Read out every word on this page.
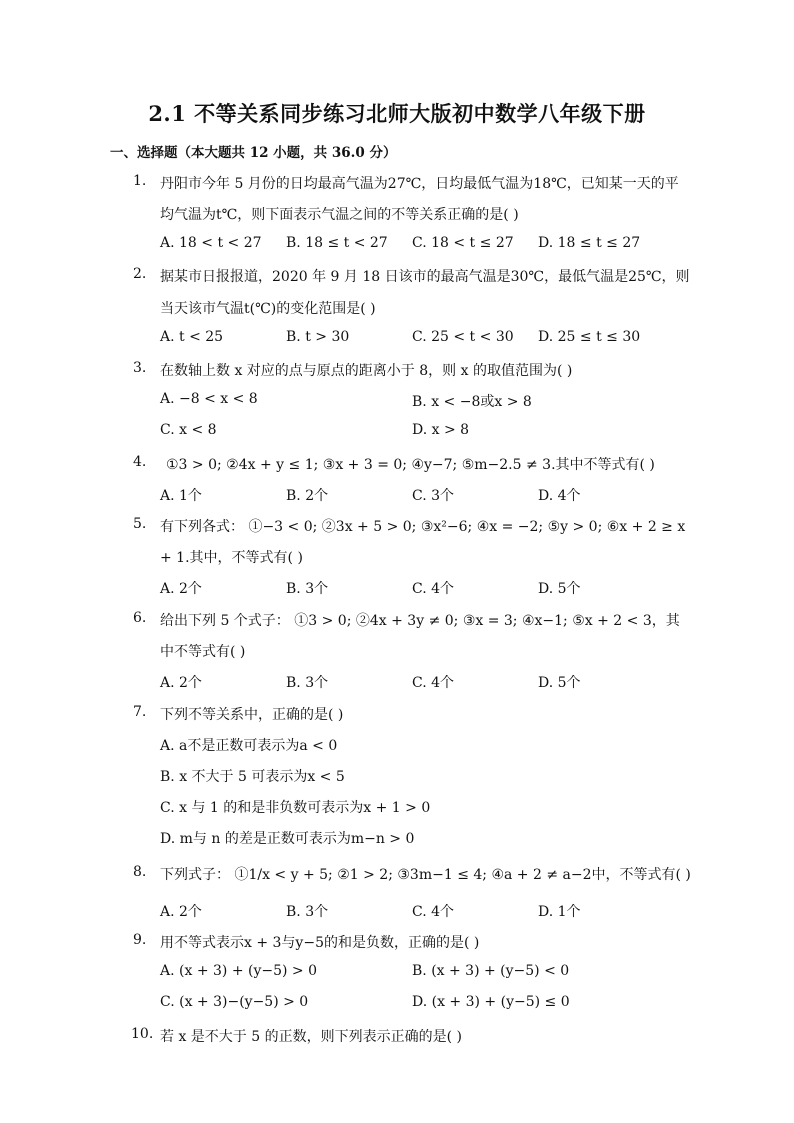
2.1 不等关系同步练习北师大版初中数学八年级下册
一、选择题（本大题共 12 小题，共 36.0 分）
1. 丹阳市今年 5 月份的日均最高气温为27℃，日均最低气温为18℃，已知某一天的平
均气温为t℃，则下面表示气温之间的不等关系正确的是( )
A. 18 < t < 27 B. 18 ≤ t < 27 C. 18 < t ≤ 27 D. 18 ≤ t ≤ 27
2. 据某市日报报道，2020 年 9 月 18 日该市的最高气温是30℃，最低气温是25℃，则
当天该市气温t(℃)的变化范围是( )
A. t < 25	B. t > 30	C. 25 < t < 30 D. 25 ≤ t ≤ 30
3. 在数轴上数 x 对应的点与原点的距离小于 8，则 x 的取值范围为( )
A. −8 < x < 8	B. x < −8或x > 8
C. x < 8	D. x > 8
4. ①3 > 0; ②4x + y ≤ 1; ③x + 3 = 0; ④y−7; ⑤m−2.5 ≠ 3.其中不等式有( )
A. 1个	B. 2个	C. 3个	D. 4个
5. 有下列各式： ①−3 < 0; ②3x + 5 > 0; ③x²−6; ④x = −2; ⑤y > 0; ⑥x + 2 ≥ x
+ 1.其中，不等式有( )
A. 2个	B. 3个	C. 4个	D. 5个
6. 给出下列 5 个式子： ①3 > 0; ②4x + 3y ≠ 0; ③x = 3; ④x−1; ⑤x + 2 < 3，其
中不等式有( )
A. 2个	B. 3个	C. 4个	D. 5个
7. 下列不等关系中，正确的是( )
A. a不是正数可表示为a < 0
B. x 不大于 5 可表示为x < 5
C. x 与 1 的和是非负数可表示为x + 1 > 0
D. m与 n 的差是正数可表示为m−n > 0
8. 下列式子： ①1/x < y + 5; ②1 > 2; ③3m−1 ≤ 4; ④a + 2 ≠ a−2中，不等式有( )
A. 2个	B. 3个	C. 4个	D. 1个
9. 用不等式表示x + 3与y−5的和是负数，正确的是( )
A. (x + 3) + (y−5) > 0	B. (x + 3) + (y−5) < 0
C. (x + 3)−(y−5) > 0	D. (x + 3) + (y−5) ≤ 0
10. 若 x 是不大于 5 的正数，则下列表示正确的是( )
